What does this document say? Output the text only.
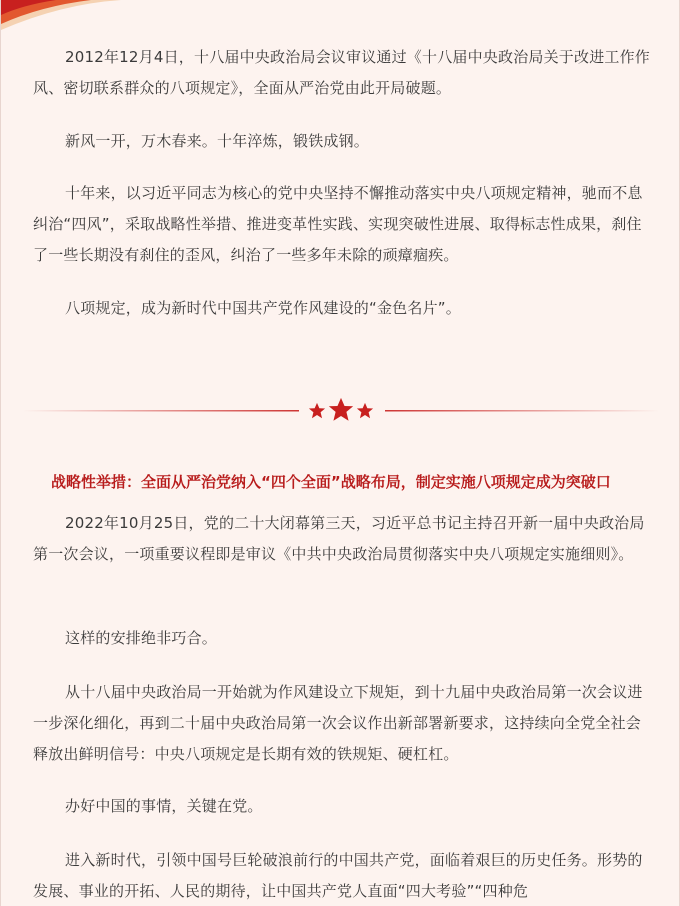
2012年12月4日，十八届中央政治局会议审议通过《十八届中央政治局关于改进工作作风、密切联系群众的八项规定》，全面从严治党由此开局破题。

新风一开，万木春来。十年淬炼，锻铁成钢。

十年来，以习近平同志为核心的党中央坚持不懈推动落实中央八项规定精神，驰而不息纠治“四风”，采取战略性举措、推进变革性实践、实现突破性进展、取得标志性成果，刹住了一些长期没有刹住的歪风，纠治了一些多年未除的顽瘴痼疾。

八项规定，成为新时代中国共产党作风建设的“金色名片”。

战略性举措：全面从严治党纳入“四个全面”战略布局，制定实施八项规定成为突破口

2022年10月25日，党的二十大闭幕第三天，习近平总书记主持召开新一届中央政治局第一次会议，一项重要议程即是审议《中共中央政治局贯彻落实中央八项规定实施细则》。

这样的安排绝非巧合。

从十八届中央政治局一开始就为作风建设立下规矩，到十九届中央政治局第一次会议进一步深化细化，再到二十届中央政治局第一次会议作出新部署新要求，这持续向全党全社会释放出鲜明信号：中央八项规定是长期有效的铁规矩、硬杠杠。

办好中国的事情，关键在党。

进入新时代，引领中国号巨轮破浪前行的中国共产党，面临着艰巨的历史任务。形势的发展、事业的开拓、人民的期待，让中国共产党人直面“四大考验”“四种危
